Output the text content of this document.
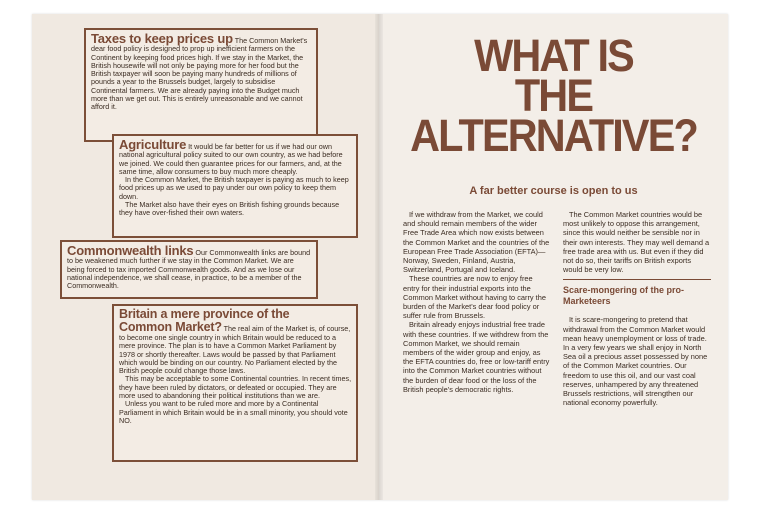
Taxes to keep prices up The Common Market's dear food policy is designed to prop up inefficient farmers on the Continent by keeping food prices high. If we stay in the Market, the British housewife will not only be paying more for her food but the British taxpayer will soon be paying many hundreds of millions of pounds a year to the Brussels budget, largely to subsidise Continental farmers. We are already paying into the Budget much more than we get out. This is entirely unreasonable and we cannot afford it.

Agriculture It would be far better for us if we had our own national agricultural policy suited to our own country, as we had before we joined. We could then guarantee prices for our farmers, and, at the same time, allow consumers to buy much more cheaply.

In the Common Market, the British taxpayer is paying as much to keep food prices up as we used to pay under our own policy to keep them down.

The Market also have their eyes on British fishing grounds because they have over-fished their own waters.

Commonwealth links Our Commonwealth links are bound to be weakened much further if we stay in the Common Market. We are being forced to tax imported Commonwealth goods. And as we lose our national independence, we shall cease, in practice, to be a member of the Commonwealth.

Britain a mere province of the

Common Market? The real aim of the Market is, of course, to become one single country in which Britain would be reduced to a mere province. The plan is to have a Common Market Parliament by 1978 or shortly thereafter. Laws would be passed by that Parliament which would be binding on our country. No Parliament elected by the British people could change those laws.

This may be acceptable to some Continental countries. In recent times, they have been ruled by dictators, or defeated or occupied. They are more used to abandoning their political institutions than we are.

Unless you want to be ruled more and more by a Continental Parliament in which Britain would be in a small minority, you should vote NO.

WHAT IS
THE
ALTERNATIVE?
A far better course is open to us

If we withdraw from the Market, we could and should remain members of the wider Free Trade Area which now exists between the Common Market and the countries of the European Free Trade Association (EFTA)—Norway, Sweden, Finland, Austria, Switzerland, Portugal and Iceland.

These countries are now to enjoy free entry for their industrial exports into the Common Market without having to carry the burden of the Market's dear food policy or suffer rule from Brussels.

Britain already enjoys industrial free trade with these countries. If we withdrew from the Common Market, we should remain members of the wider group and enjoy, as the EFTA countries do, free or low-tariff entry into the Common Market countries without the burden of dear food or the loss of the British people's democratic rights.

The Common Market countries would be most unlikely to oppose this arrangement, since this would neither be sensible nor in their own interests. They may well demand a free trade area with us. But even if they did not do so, their tariffs on British exports would be very low.

Scare-mongering of the pro-Marketeers

It is scare-mongering to pretend that withdrawal from the Common Market would mean heavy unemployment or loss of trade. In a very few years we shall enjoy in North Sea oil a precious asset possessed by none of the Common Market countries. Our freedom to use this oil, and our vast coal reserves, unhampered by any threatened Brussels restrictions, will strengthen our national economy powerfully.
